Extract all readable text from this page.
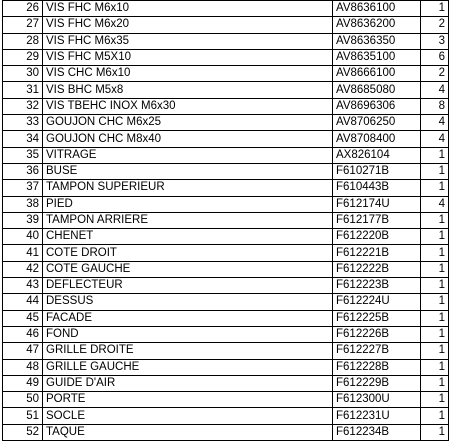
26	VIS FHC M6x10	AV8636100	1
27	VIS FHC M6x20	AV8636200	2
28	VIS FHC M6x35	AV8636350	3
29	VIS FHC M5X10	AV8635100	6
30	VIS CHC M6x10	AV8666100	2
31	VIS BHC M5x8	AV8685080	4
32	VIS TBEHC INOX M6x30	AV8696306	8
33	GOUJON CHC M6x25	AV8706250	4
34	GOUJON CHC M8x40	AV8708400	4
35	VITRAGE	AX826104	1
36	BUSE	F610271B	1
37	TAMPON SUPERIEUR	F610443B	1
38	PIED	F612174U	4
39	TAMPON ARRIERE	F612177B	1
40	CHENET	F612220B	1
41	COTE DROIT	F612221B	1
42	COTE GAUCHE	F612222B	1
43	DEFLECTEUR	F612223B	1
44	DESSUS	F612224U	1
45	FACADE	F612225B	1
46	FOND	F612226B	1
47	GRILLE DROITE	F612227B	1
48	GRILLE GAUCHE	F612228B	1
49	GUIDE D'AIR	F612229B	1
50	PORTE	F612300U	1
51	SOCLE	F612231U	1
52	TAQUE	F612234B	1
